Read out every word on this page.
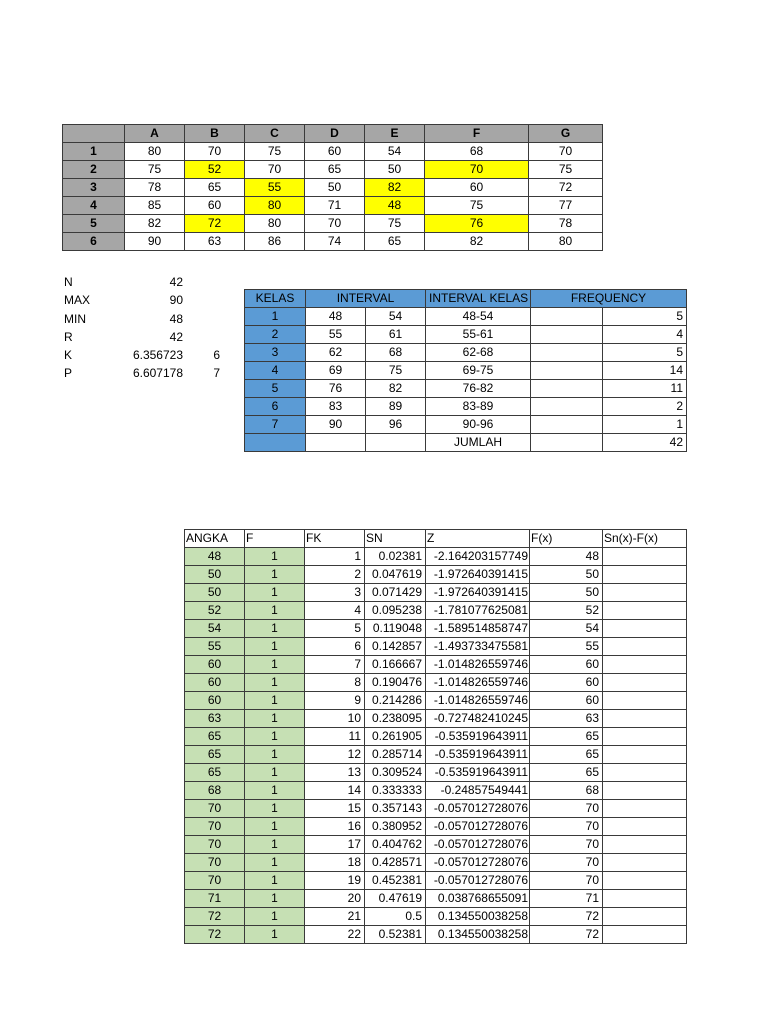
	A	B	C	D	E	F	G
1	80	70	75	60	54	68	70
2	75	52	70	65	50	70	75
3	78	65	55	50	82	60	72
4	85	60	80	71	48	75	77
5	82	72	80	70	75	76	78
6	90	63	86	74	65	82	80
N	42
MAX	90
MIN	48
R	42
K	6.356723	6
P	6.607178	7
KELAS	INTERVAL		INTERVAL KELAS	FREQUENCY	
1	48	54	48-54		5
2	55	61	55-61		4
3	62	68	62-68		5
4	69	75	69-75		14
5	76	82	76-82		11
6	83	89	83-89		2
7	90	96	90-96		1
			JUMLAH		42
ANGKA	F	FK	SN	Z	F(x)	Sn(x)-F(x)
48	1	1	0.02381	-2.164203157749	48	
50	1	2	0.047619	-1.972640391415	50	
50	1	3	0.071429	-1.972640391415	50	
52	1	4	0.095238	-1.781077625081	52	
54	1	5	0.119048	-1.589514858747	54	
55	1	6	0.142857	-1.493733475581	55	
60	1	7	0.166667	-1.014826559746	60	
60	1	8	0.190476	-1.014826559746	60	
60	1	9	0.214286	-1.014826559746	60	
63	1	10	0.238095	-0.727482410245	63	
65	1	11	0.261905	-0.535919643911	65	
65	1	12	0.285714	-0.535919643911	65	
65	1	13	0.309524	-0.535919643911	65	
68	1	14	0.333333	-0.24857549441	68	
70	1	15	0.357143	-0.057012728076	70	
70	1	16	0.380952	-0.057012728076	70	
70	1	17	0.404762	-0.057012728076	70	
70	1	18	0.428571	-0.057012728076	70	
70	1	19	0.452381	-0.057012728076	70	
71	1	20	0.47619	0.038768655091	71	
72	1	21	0.5	0.134550038258	72	
72	1	22	0.52381	0.134550038258	72	
